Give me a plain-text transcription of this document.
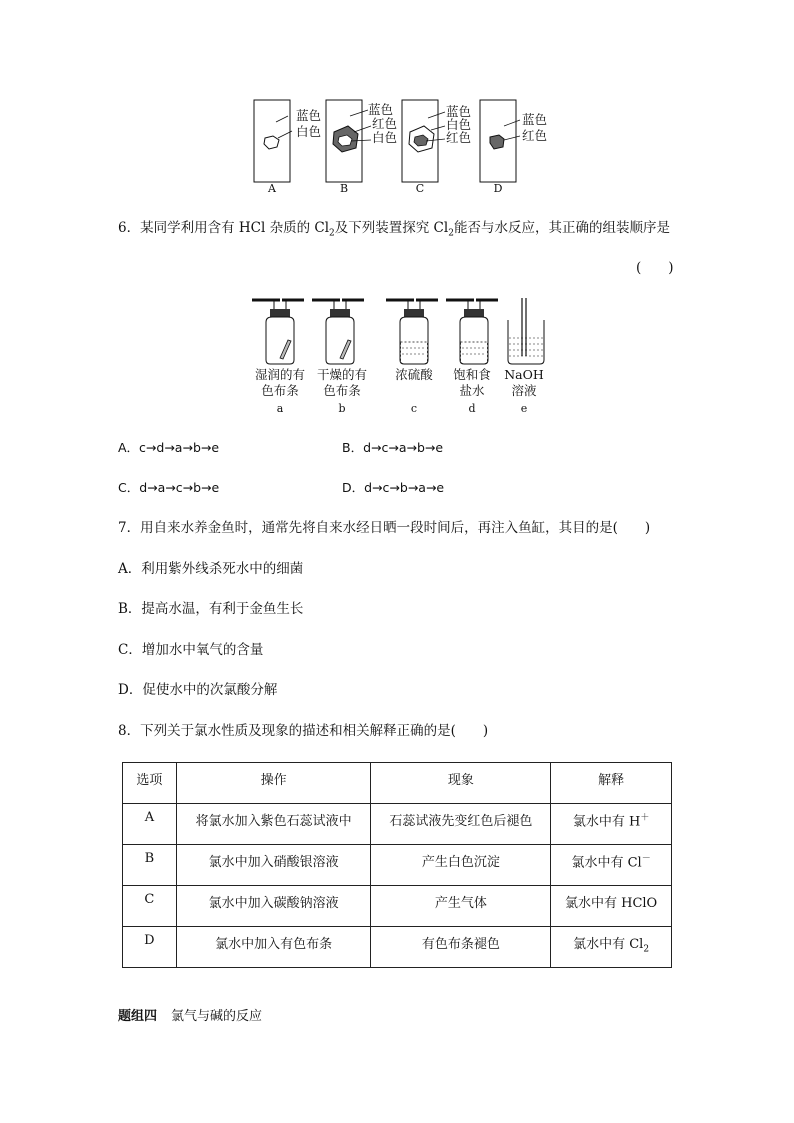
蓝色
白色
蓝色
红色
白色
蓝色
白色
红色
蓝色
红色
A	B	C	D
6．某同学利用含有 HCl 杂质的 $Cl_2$及下列装置探究 $Cl_2$能否与水反应，其正确的组装顺序是
(　　)
湿润的有
色布条
a
干燥的有
色布条
b
浓硫酸

c
饱和食
盐水
d
NaOH
溶液
e
A．c→d→a→b→e	B．d→c→a→b→e
C．d→a→c→b→e	D．d→c→b→a→e
7．用自来水养金鱼时，通常先将自来水经日晒一段时间后，再注入鱼缸，其目的是(　　)
A．利用紫外线杀死水中的细菌
B．提高水温，有利于金鱼生长
C．增加水中氧气的含量
D．促使水中的次氯酸分解
8．下列关于氯水性质及现象的描述和相关解释正确的是(　　)
选项	操作	现象	解释
A	将氯水加入紫色石蕊试液中	石蕊试液先变红色后褪色	氯水中有 H＋
B	氯水中加入硝酸银溶液	产生白色沉淀	氯水中有 Cl－
C	氯水中加入碳酸钠溶液	产生气体	氯水中有 HClO
D	氯水中加入有色布条	有色布条褪色	氯水中有 $Cl_2$
题组四 氯气与碱的反应
